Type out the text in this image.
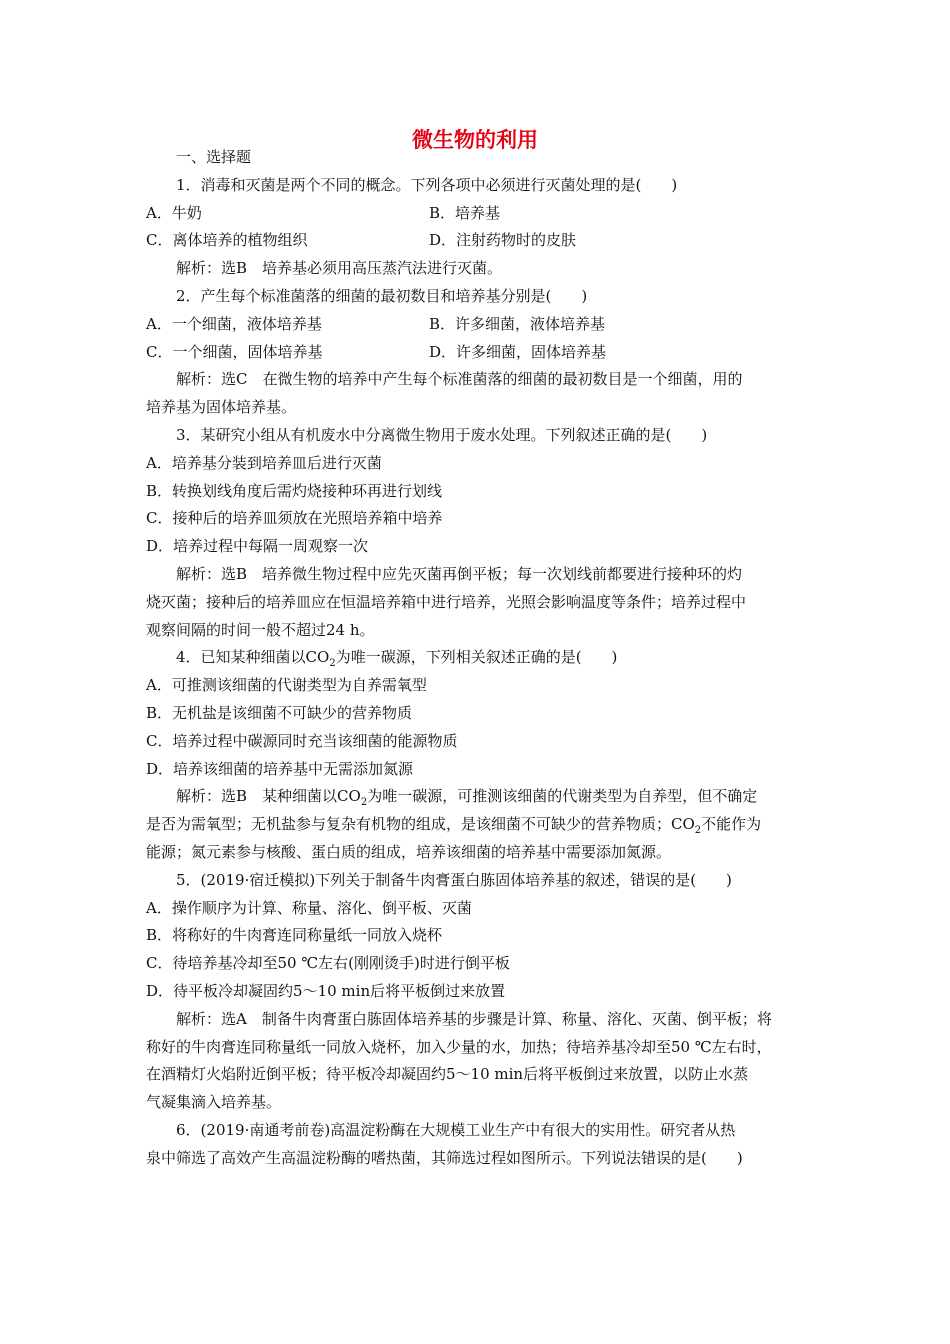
微生物的利用
一、选择题
1．消毒和灭菌是两个不同的概念。下列各项中必须进行灭菌处理的是(　　)
A．牛奶	B．培养基
C．离体培养的植物组织	D．注射药物时的皮肤
解析：选B　培养基必须用高压蒸汽法进行灭菌。
2．产生每个标准菌落的细菌的最初数目和培养基分别是(　　)
A．一个细菌，液体培养基	B．许多细菌，液体培养基
C．一个细菌，固体培养基	D．许多细菌，固体培养基
解析：选C　在微生物的培养中产生每个标准菌落的细菌的最初数目是一个细菌，用的
培养基为固体培养基。
3．某研究小组从有机废水中分离微生物用于废水处理。下列叙述正确的是(　　)
A．培养基分装到培养皿后进行灭菌
B．转换划线角度后需灼烧接种环再进行划线
C．接种后的培养皿须放在光照培养箱中培养
D．培养过程中每隔一周观察一次
解析：选B　培养微生物过程中应先灭菌再倒平板；每一次划线前都要进行接种环的灼
烧灭菌；接种后的培养皿应在恒温培养箱中进行培养，光照会影响温度等条件；培养过程中
观察间隔的时间一般不超过24 h。
4．已知某种细菌以$CO_2$为唯一碳源，下列相关叙述正确的是(　　)
A．可推测该细菌的代谢类型为自养需氧型
B．无机盐是该细菌不可缺少的营养物质
C．培养过程中碳源同时充当该细菌的能源物质
D．培养该细菌的培养基中无需添加氮源
解析：选B　某种细菌以$CO_2$为唯一碳源，可推测该细菌的代谢类型为自养型，但不确定
是否为需氧型；无机盐参与复杂有机物的组成，是该细菌不可缺少的营养物质；$CO_2$不能作为
能源；氮元素参与核酸、蛋白质的组成，培养该细菌的培养基中需要添加氮源。
5．(2019·宿迁模拟)下列关于制备牛肉膏蛋白胨固体培养基的叙述，错误的是(　　)
A．操作顺序为计算、称量、溶化、倒平板、灭菌
B．将称好的牛肉膏连同称量纸一同放入烧杯
C．待培养基冷却至50 ℃左右(刚刚烫手)时进行倒平板
D．待平板冷却凝固约5～10 min后将平板倒过来放置
解析：选A　制备牛肉膏蛋白胨固体培养基的步骤是计算、称量、溶化、灭菌、倒平板；将
称好的牛肉膏连同称量纸一同放入烧杯，加入少量的水，加热；待培养基冷却至50 ℃左右时，
在酒精灯火焰附近倒平板；待平板冷却凝固约5～10 min后将平板倒过来放置，以防止水蒸
气凝集滴入培养基。
6．(2019·南通考前卷)高温淀粉酶在大规模工业生产中有很大的实用性。研究者从热
泉中筛选了高效产生高温淀粉酶的嗜热菌，其筛选过程如图所示。下列说法错误的是(　　)
